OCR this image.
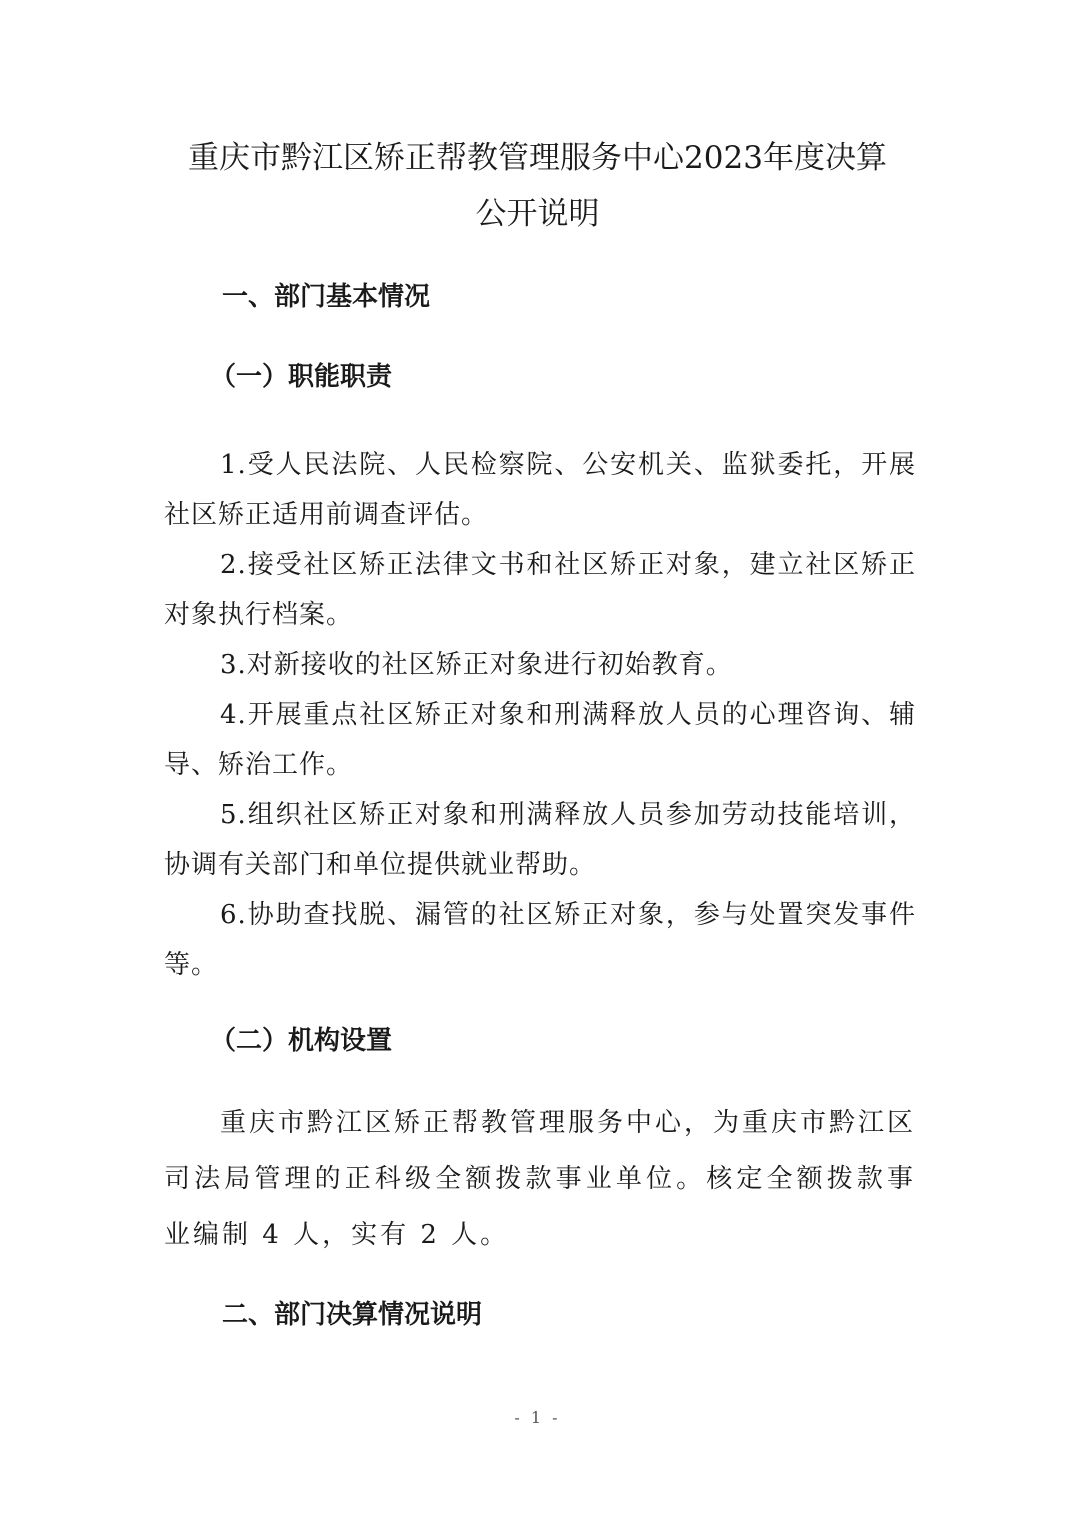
重庆市黔江区矫正帮教管理服务中心2023年度决算
公开说明
一、部门基本情况
（一）职能职责
1.受人民法院、人民检察院、公安机关、监狱委托，开展社区矫正适用前调查评估。
2.接受社区矫正法律文书和社区矫正对象，建立社区矫正对象执行档案。
3.对新接收的社区矫正对象进行初始教育。
4.开展重点社区矫正对象和刑满释放人员的心理咨询、辅导、矫治工作。
5.组织社区矫正对象和刑满释放人员参加劳动技能培训，协调有关部门和单位提供就业帮助。
6.协助查找脱、漏管的社区矫正对象，参与处置突发事件等。
（二）机构设置
重庆市黔江区矫正帮教管理服务中心，为重庆市黔江区司法局管理的正科级全额拨款事业单位。核定全额拨款事业编制 4 人，实有 2 人。
二、部门决算情况说明
- 1 -
